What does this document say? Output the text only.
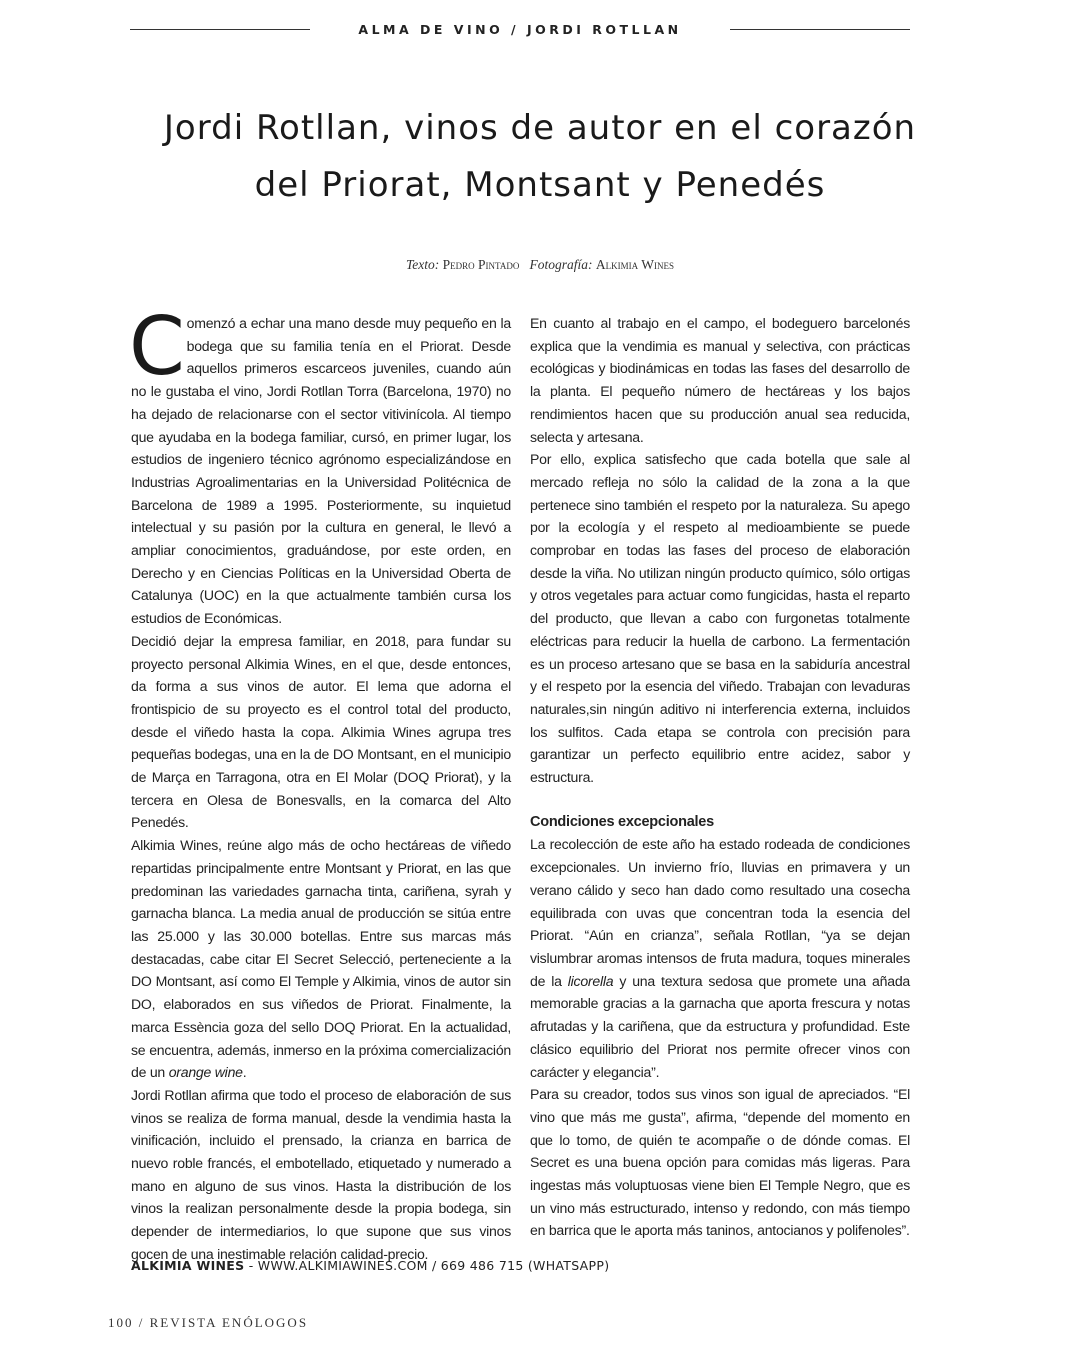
ALMA DE VINO / JORDI ROTLLAN
Jordi Rotllan, vinos de autor en el corazón
del Priorat, Montsant y Penedés
Texto: Pedro Pintado Fotografía: Alkimia Wines

Comenzó a echar una mano desde muy pequeño en la bodega que su familia tenía en el Priorat. Desde aquellos primeros escarceos juveniles, cuando aún no le gustaba el vino, Jordi Rotllan Torra (Barcelona, 1970) no ha dejado de relacionarse con el sector vitivinícola. Al tiempo que ayudaba en la bodega familiar, cursó, en primer lugar, los estudios de ingeniero técnico agrónomo especializándose en Industrias Agroalimentarias en la Universidad Politécnica de Barcelona de 1989 a 1995. Posteriormente, su inquietud intelectual y su pasión por la cultura en general, le llevó a ampliar conocimientos, graduándose, por este orden, en Derecho y en Ciencias Políticas en la Universidad Oberta de Catalunya (UOC) en la que actualmente también cursa los estudios de Económicas.

Decidió dejar la empresa familiar, en 2018, para fundar su proyecto personal Alkimia Wines, en el que, desde entonces, da forma a sus vinos de autor. El lema que adorna el frontispicio de su proyecto es el control total del producto, desde el viñedo hasta la copa. Alkimia Wines agrupa tres pequeñas bodegas, una en la de DO Montsant, en el municipio de Marça en Tarragona, otra en El Molar (DOQ Priorat), y la tercera en Olesa de Bonesvalls, en la comarca del Alto Penedés.

Alkimia Wines, reúne algo más de ocho hectáreas de viñedo repartidas principalmente entre Montsant y Priorat, en las que predominan las variedades garnacha tinta, cariñena, syrah y garnacha blanca. La media anual de producción se sitúa entre las 25.000 y las 30.000 botellas. Entre sus marcas más destacadas, cabe citar El Secret Selecció, perteneciente a la DO Montsant, así como El Temple y Alkimia, vinos de autor sin DO, elaborados en sus viñedos de Priorat. Finalmente, la marca Essència goza del sello DOQ Priorat. En la actualidad, se encuentra, además, inmerso en la próxima comercialización de un orange wine.

Jordi Rotllan afirma que todo el proceso de elaboración de sus vinos se realiza de forma manual, desde la vendimia hasta la vinificación, incluido el prensado, la crianza en barrica de nuevo roble francés, el embotellado, etiquetado y numerado a mano en alguno de sus vinos. Hasta la distribución de los vinos la realizan personalmente desde la propia bodega, sin depender de intermediarios, lo que supone que sus vinos gocen de una inestimable relación calidad-precio.

En cuanto al trabajo en el campo, el bodeguero barcelonés explica que la vendimia es manual y selectiva, con prácticas ecológicas y biodinámicas en todas las fases del desarrollo de la planta. El pequeño número de hectáreas y los bajos rendimientos hacen que su producción anual sea reducida, selecta y artesana.

Por ello, explica satisfecho que cada botella que sale al mercado refleja no sólo la calidad de la zona a la que pertenece sino también el respeto por la naturaleza. Su apego por la ecología y el respeto al medioambiente se puede comprobar en todas las fases del proceso de elaboración desde la viña. No utilizan ningún producto químico, sólo ortigas y otros vegetales para actuar como fungicidas, hasta el reparto del producto, que llevan a cabo con furgonetas totalmente eléctricas para reducir la huella de carbono. La fermentación es un proceso artesano que se basa en la sabiduría ancestral y el respeto por la esencia del viñedo. Trabajan con levaduras naturales,sin ningún aditivo ni interferencia externa, incluidos los sulfitos. Cada etapa se controla con precisión para garantizar un perfecto equilibrio entre acidez, sabor y estructura.

Condiciones excepcionales

La recolección de este año ha estado rodeada de condiciones excepcionales. Un invierno frío, lluvias en primavera y un verano cálido y seco han dado como resultado una cosecha equilibrada con uvas que concentran toda la esencia del Priorat. “Aún en crianza”, señala Rotllan, “ya se dejan vislumbrar aromas intensos de fruta madura, toques minerales de la licorella y una textura sedosa que promete una añada memorable gracias a la garnacha que aporta frescura y notas afrutadas y la cariñena, que da estructura y profundidad. Este clásico equilibrio del Priorat nos permite ofrecer vinos con carácter y elegancia”.

Para su creador, todos sus vinos son igual de apreciados. “El vino que más me gusta”, afirma, “depende del momento en que lo tomo, de quién te acompañe o de dónde comas. El Secret es una buena opción para comidas más ligeras. Para ingestas más voluptuosas viene bien El Temple Negro, que es un vino más estructurado, intenso y redondo, con más tiempo en barrica que le aporta más taninos, antocianos y polifenoles”.

ALKIMIA WINES - WWW.ALKIMIAWINES.COM / 669 486 715 (WHATSAPP)
100 / REVISTA ENÓLOGOS
